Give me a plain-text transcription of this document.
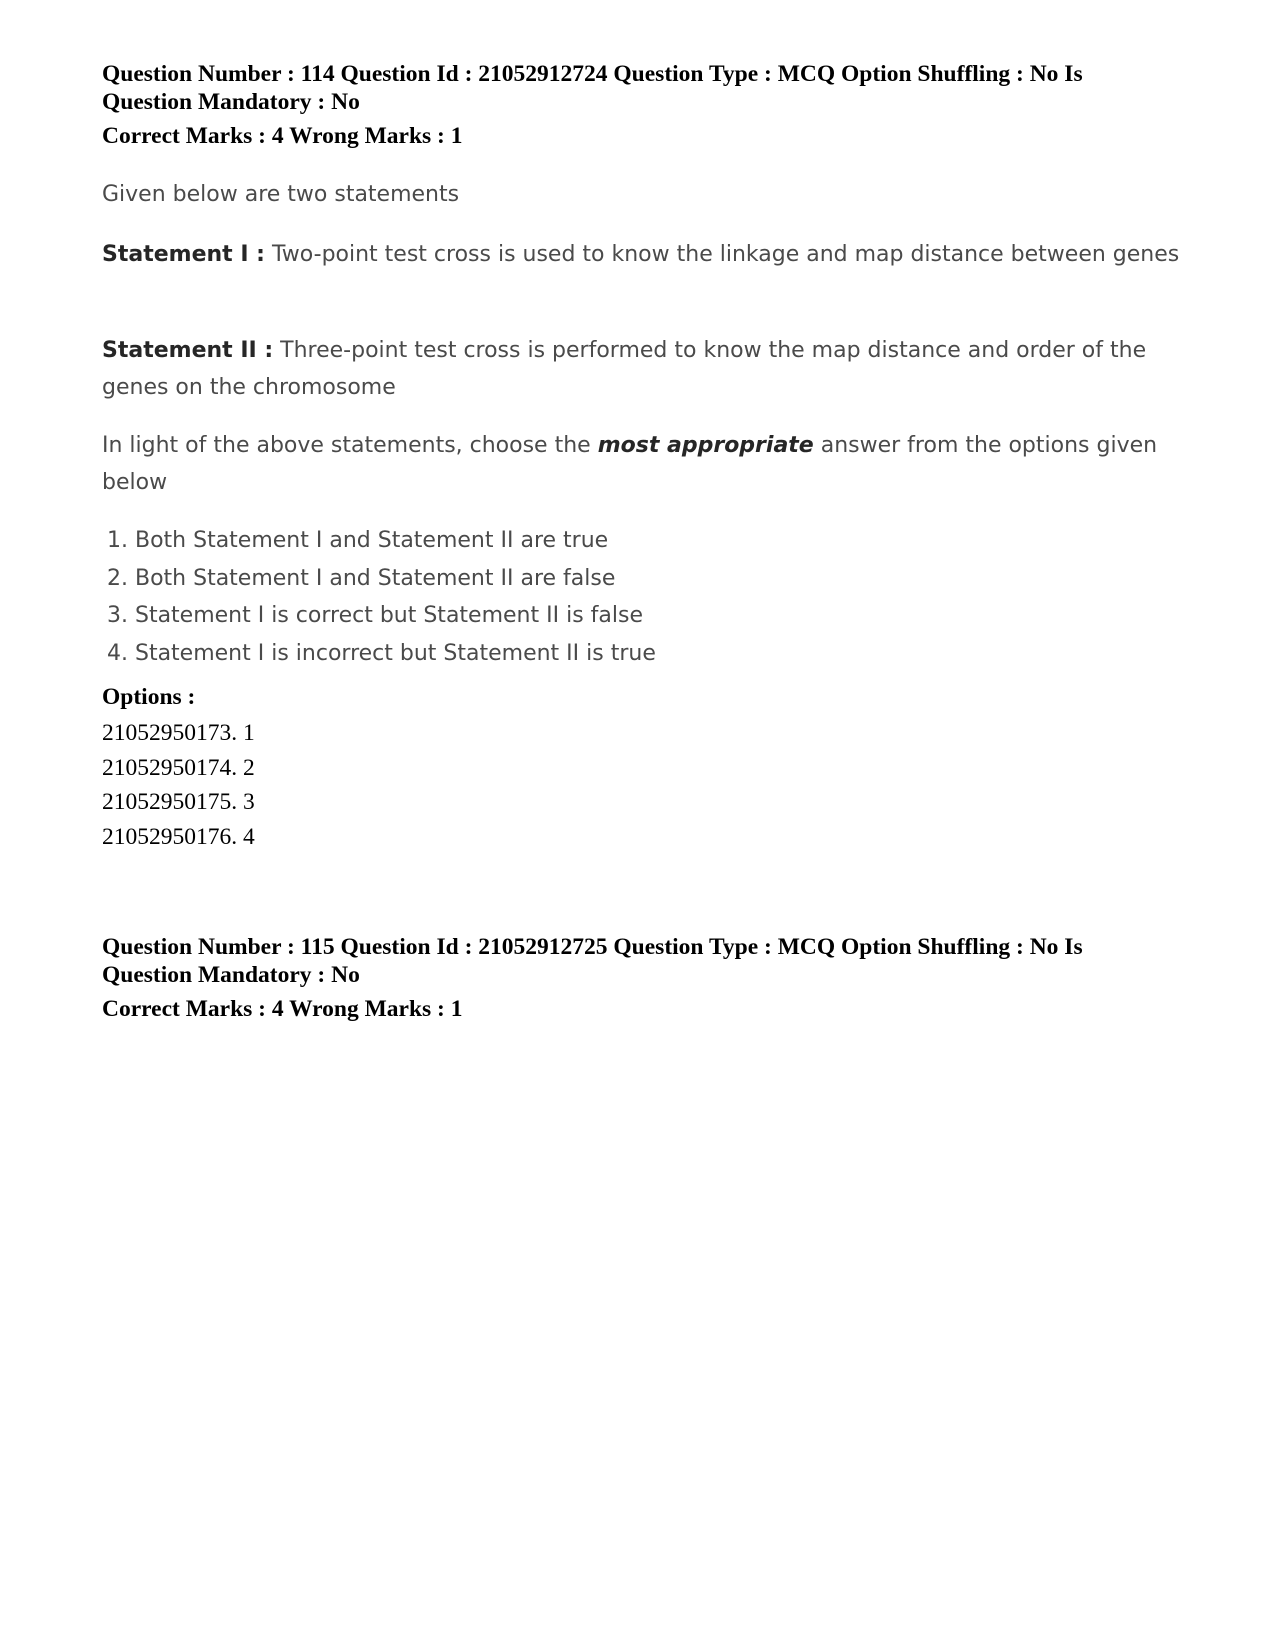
Question Number : 114 Question Id : 21052912724 Question Type : MCQ Option Shuffling : No Is
Question Mandatory : No
Correct Marks : 4 Wrong Marks : 1
Given below are two statements
Statement I : Two-point test cross is used to know the linkage and map distance between genes
Statement II : Three-point test cross is performed to know the map distance and order of the genes on the chromosome
In light of the above statements, choose the most appropriate answer from the options given below
1. Both Statement I and Statement II are true
2. Both Statement I and Statement II are false
3. Statement I is correct but Statement II is false
4. Statement I is incorrect but Statement II is true
Options :
21052950173. 1
21052950174. 2
21052950175. 3
21052950176. 4
Question Number : 115 Question Id : 21052912725 Question Type : MCQ Option Shuffling : No Is
Question Mandatory : No
Correct Marks : 4 Wrong Marks : 1
